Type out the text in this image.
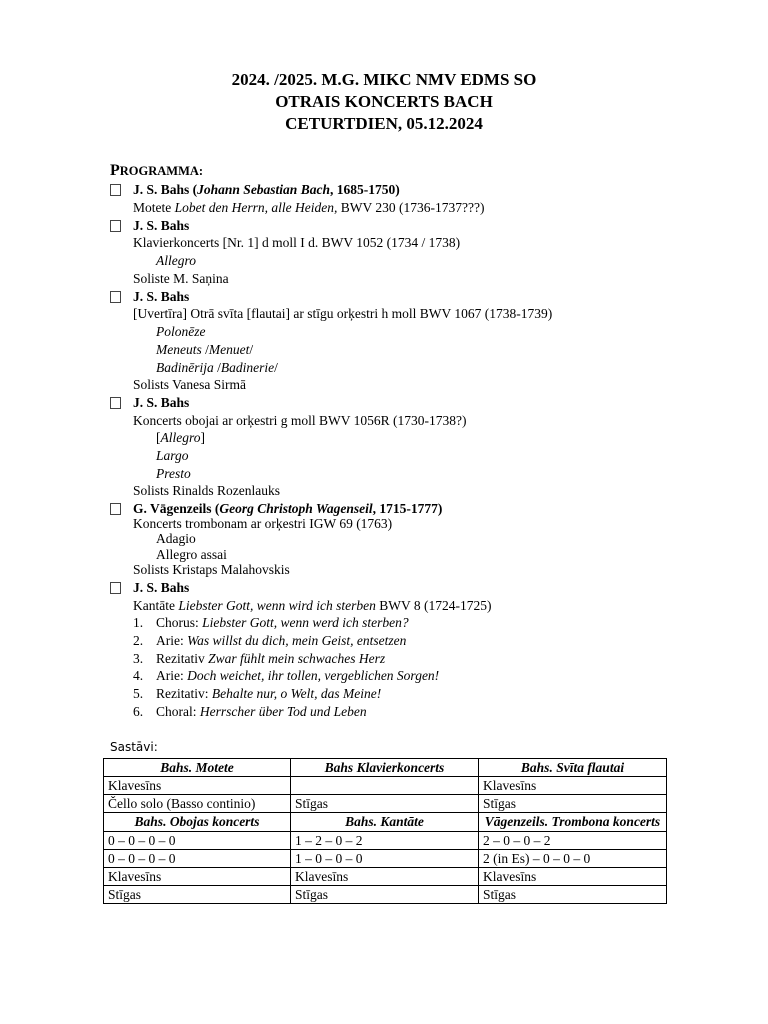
2024. /2025. M.G. MIKC NMV EDMS SO
OTRAIS KONCERTS BACH
CETURTDIEN, 05.12.2024
PROGRAMMA:
J. S. Bahs (Johann Sebastian Bach, 1685-1750)
Motete Lobet den Herrn, alle Heiden, BWV 230 (1736-1737???)
J. S. Bahs
Klavierkoncerts [Nr. 1] d moll I d. BWV 1052 (1734 / 1738)
Allegro
Soliste M. Saņina
J. S. Bahs
[Uvertīra] Otrā svīta [flautai] ar stīgu orķestri h moll BWV 1067 (1738-1739)
Polonēze
Meneuts /Menuet/
Badinērija /Badinerie/
Solists Vanesa Sirmā
J. S. Bahs
Koncerts obojai ar orķestri g moll BWV 1056R (1730-1738?)
[Allegro]
Largo
Presto
Solists Rinalds Rozenlauks
G. Vāgenzeils (Georg Christoph Wagenseil, 1715-1777)
Koncerts trombonam ar orķestri IGW 69 (1763)
Adagio
Allegro assai
Solists Kristaps Malahovskis
J. S. Bahs
Kantāte Liebster Gott, wenn wird ich sterben BWV 8 (1724-1725)
1. Chorus: Liebster Gott, wenn werd ich sterben?
2. Arie: Was willst du dich, mein Geist, entsetzen
3. Rezitativ Zwar fühlt mein schwaches Herz
4. Arie: Doch weichet, ihr tollen, vergeblichen Sorgen!
5. Rezitativ: Behalte nur, o Welt, das Meine!
6. Choral: Herrscher über Tod und Leben
Sastāvi:
Bahs. Motete	Bahs Klavierkoncerts	Bahs. Svīta flautai
Klavesīns		Klavesīns
Čello solo (Basso continio)	Stīgas	Stīgas
Bahs. Obojas koncerts	Bahs. Kantāte	Vāgenzeils. Trombona koncerts
0 – 0 – 0 – 0	1 – 2 – 0 – 2	2 – 0 – 0 – 2
0 – 0 – 0 – 0	1 – 0 – 0 – 0	2 (in Es) – 0 – 0 – 0
Klavesīns	Klavesīns	Klavesīns
Stīgas	Stīgas	Stīgas
